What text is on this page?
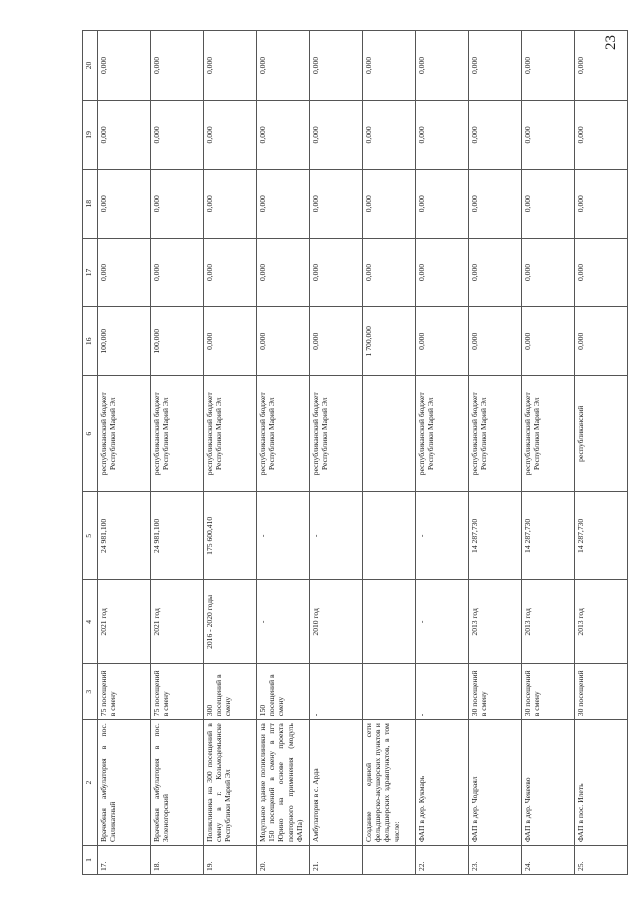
23
1	2	3	4	5	6	16	17	18	19	20
17.	Врачебная амбулатория в пос. Силикатный	75 посещений в смену	2021 год	24 981,100	республиканский бюджет Республики Марий Эл	100,000	0,000	0,000	0,000	0,000
18.	Врачебная амбулатория в пос. Зеленогорский	75 посещений в смену	2021 год	24 981,100	республиканский бюджет Республики Марий Эл	100,000	0,000	0,000	0,000	0,000
19.	Поликлиника на 300 посещений в смену в г. Козьмодемьянске Республики Марий Эл	300 посещений в смену	2016 - 2020 годы	175 600,410	республиканский бюджет Республики Марий Эл	0,000	0,000	0,000	0,000	0,000
20.	Модульное здание поликлиники на 150 посещений в смену в пгт Юрино на основе проекта повторного применения (модуль ФАПа)	150 посещений в смену	-	-	республиканский бюджет Республики Марий Эл	0,000	0,000	0,000	0,000	0,000
21.	Амбулатория в с. Арда	-	2010 год	-	республиканский бюджет Республики Марий Эл	0,000	0,000	0,000	0,000	0,000
	Создание единой сети фельдшерско-акушерских пунктов и фельдшерских здравпунктов, в том числе:					1 700,000	0,000	0,000	0,000	0,000
22.	ФАП в дер. Кукмарь	-	-	-	республиканский бюджет Республики Марий Эл	0,000	0,000	0,000	0,000	0,000
23.	ФАП в дер. Чодраял	30 посещений в смену	2013 год	14 287,730	республиканский бюджет Республики Марий Эл	0,000	0,000	0,000	0,000	0,000
24.	ФАП в дер. Чекеево	30 посещений в смену	2013 год	14 287,730	республиканский бюджет Республики Марий Эл	0,000	0,000	0,000	0,000	0,000
25.	ФАП в пос. Илеть	30 посещений	2013 год	14 287,730	республиканский	0,000	0,000	0,000	0,000	0,000
